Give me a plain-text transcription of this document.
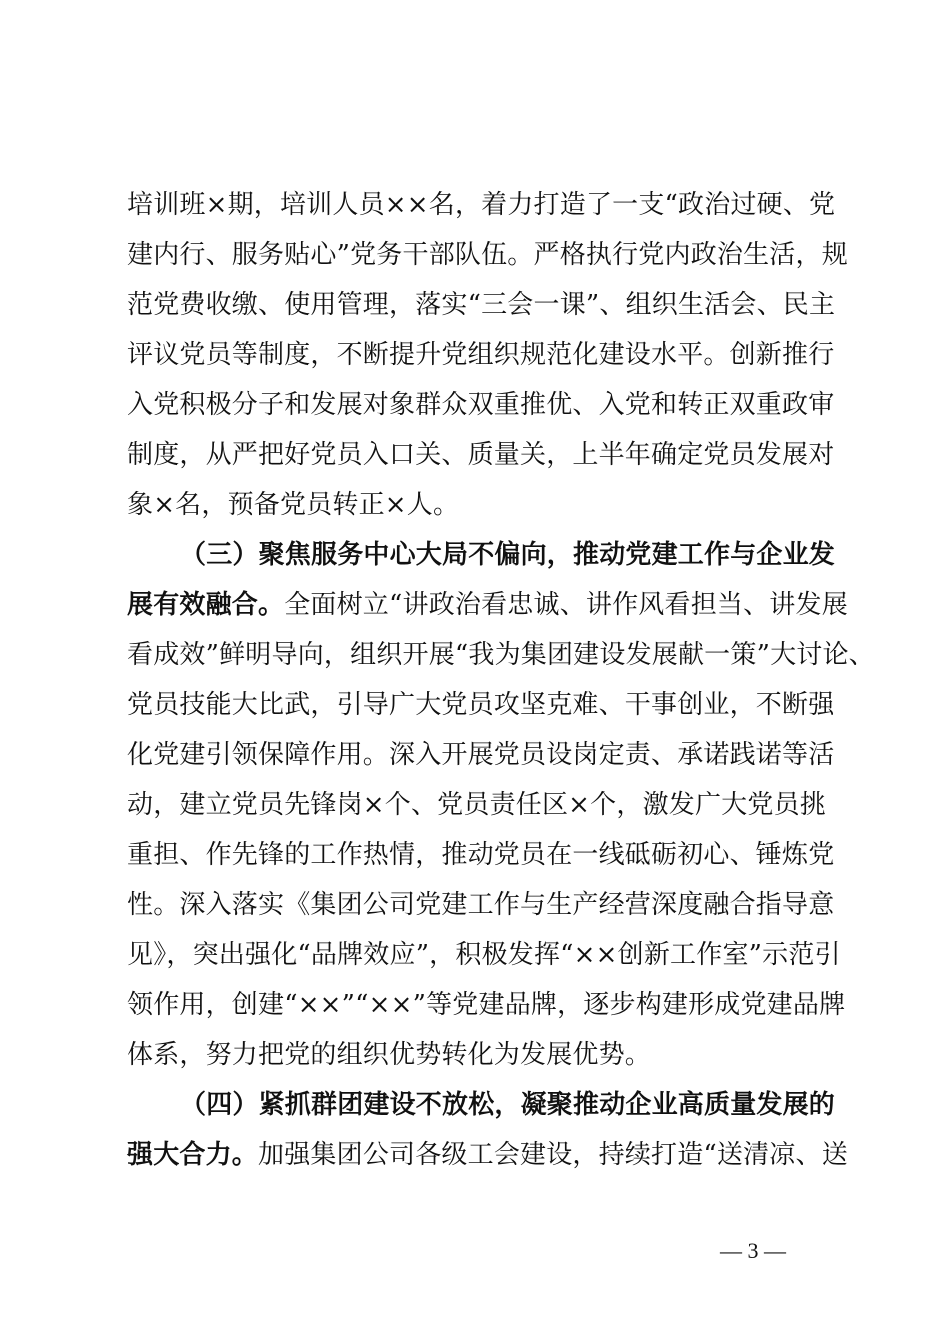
培训班×期，培训人员××名，着力打造了一支“政治过硬、党
建内行、服务贴心”党务干部队伍。严格执行党内政治生活，规
范党费收缴、使用管理，落实“三会一课”、组织生活会、民主
评议党员等制度，不断提升党组织规范化建设水平。创新推行
入党积极分子和发展对象群众双重推优、入党和转正双重政审
制度，从严把好党员入口关、质量关，上半年确定党员发展对
象×名，预备党员转正×人。
（三）聚焦服务中心大局不偏向，推动党建工作与企业发
展有效融合。全面树立“讲政治看忠诚、讲作风看担当、讲发展
看成效”鲜明导向，组织开展“我为集团建设发展献一策”大讨论、
党员技能大比武，引导广大党员攻坚克难、干事创业，不断强
化党建引领保障作用。深入开展党员设岗定责、承诺践诺等活
动，建立党员先锋岗×个、党员责任区×个，激发广大党员挑
重担、作先锋的工作热情，推动党员在一线砥砺初心、锤炼党
性。深入落实《集团公司党建工作与生产经营深度融合指导意
见》，突出强化“品牌效应”，积极发挥“××创新工作室”示范引
领作用，创建“××”“××”等党建品牌，逐步构建形成党建品牌
体系，努力把党的组织优势转化为发展优势。
（四）紧抓群团建设不放松，凝聚推动企业高质量发展的
强大合力。加强集团公司各级工会建设，持续打造“送清凉、送
— 3 —
